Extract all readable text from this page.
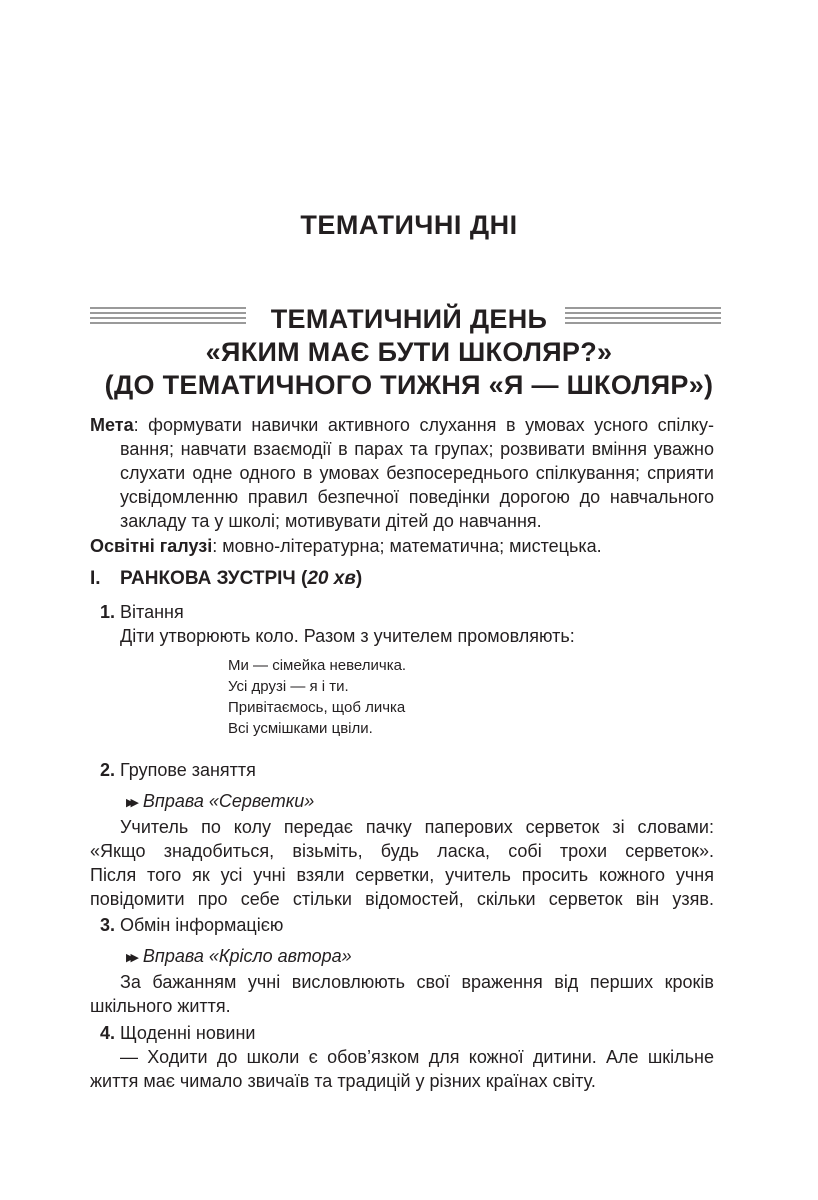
ТЕМАТИЧНІ ДНІ
ТЕМАТИЧНИЙ ДЕНЬ
«ЯКИМ МАЄ БУТИ ШКОЛЯР?»
(ДО ТЕМАТИЧНОГО ТИЖНЯ «Я — ШКОЛЯР»)
Мета: формувати навички активного слухання в умовах усного спілку-
вання; навчати взаємодії в парах та групах; розвивати вміння уважно
слухати одне одного в умовах безпосереднього спілкування; сприяти
усвідомленню правил безпечної поведінки дорогою до навчального
закладу та у школі; мотивувати дітей до навчання.
Освітні галузі: мовно-літературна; математична; мистецька.
I. РАНКОВА ЗУСТРІЧ (20 хв)
1. Вітання
Діти утворюють коло. Разом з учителем промовляють:
Ми — сімейка невеличка.
Усі друзі — я і ти.
Привітаємось, щоб личка
Всі усмішками цвіли.
2. Групове заняття
▶▶ Вправа «Серветки»
Учитель по колу передає пачку паперових серветок зі словами:
«Якщо знадобиться, візьміть, будь ласка, собі трохи серветок».
Після того як усі учні взяли серветки, учитель просить кожного учня
повідомити про себе стільки відомостей, скільки серветок він узяв.
3. Обмін інформацією
▶▶ Вправа «Крісло автора»
За бажанням учні висловлюють свої враження від перших кроків
шкільного життя.
4. Щоденні новини
— Ходити до школи є обов’язком для кожної дитини. Але шкільне
життя має чимало звичаїв та традицій у різних країнах світу.
